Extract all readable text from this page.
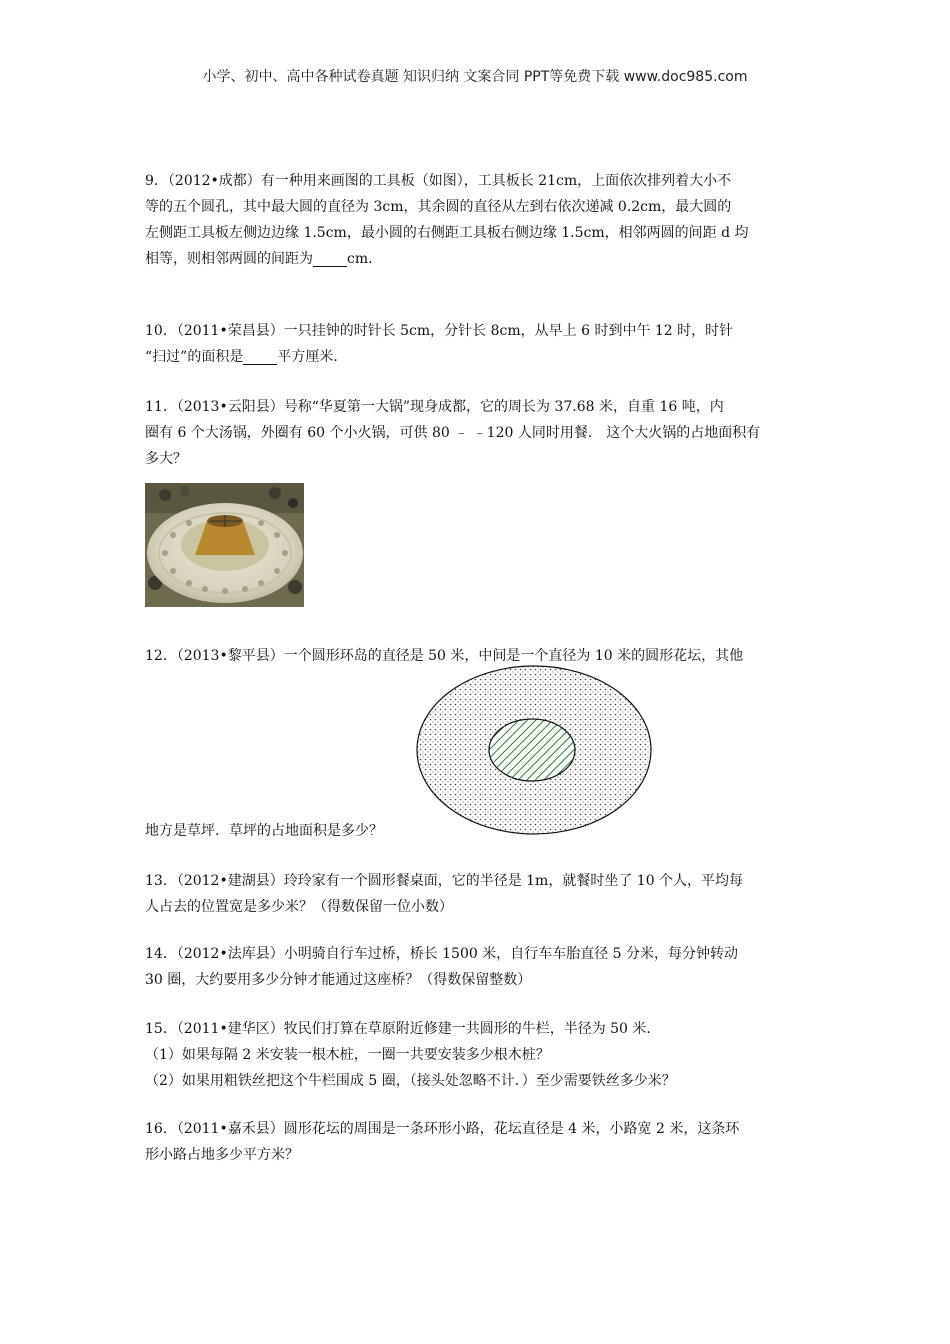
小学、初中、高中各种试卷真题 知识归纳 文案合同 PPT等免费下载 www.doc985.com
9．（2012•成都）有一种用来画图的工具板（如图），工具板长 21cm，上面依次排列着大小不
等的五个圆孔，其中最大圆的直径为 3cm，其余圆的直径从左到右依次递减 0.2cm，最大圆的
左侧距工具板左侧边边缘 1.5cm，最小圆的右侧距工具板右侧边缘 1.5cm，相邻两圆的间距 d 均
相等，则相邻两圆的间距为 cm．
10．（2011•荣昌县）一只挂钟的时针长 5cm，分针长 8cm，从早上 6 时到中午 12 时，时针
“扫过”的面积是 平方厘米．
11．（2013•云阳县）号称“华夏第一大锅”现身成都，它的周长为 37.68 米，自重 16 吨，内
圈有 6 个大汤锅，外圈有 60 个小火锅，可供 80 ﹣ ﹣120 人同时用餐． 这个大火锅的占地面积有
多大？
12．（2013•黎平县）一个圆形环岛的直径是 50 米，中间是一个直径为 10 米的圆形花坛，其他
地方是草坪．草坪的占地面积是多少？
13．（2012•建湖县）玲玲家有一个圆形餐桌面，它的半径是 1m，就餐时坐了 10 个人，平均每
人占去的位置宽是多少米？（得数保留一位小数）
14．（2012•法库县）小明骑自行车过桥，桥长 1500 米，自行车车胎直径 5 分米，每分钟转动
30 圈，大约要用多少分钟才能通过这座桥？（得数保留整数）
15．（2011•建华区）牧民们打算在草原附近修建一共圆形的牛栏，半径为 50 米．
（1）如果每隔 2 米安装一根木桩，一圈一共要安装多少根木桩？
（2）如果用粗铁丝把这个牛栏围成 5 圈，（接头处忽略不计．）至少需要铁丝多少米？
16．（2011•嘉禾县）圆形花坛的周围是一条环形小路，花坛直径是 4 米，小路宽 2 米，这条环
形小路占地多少平方米？
